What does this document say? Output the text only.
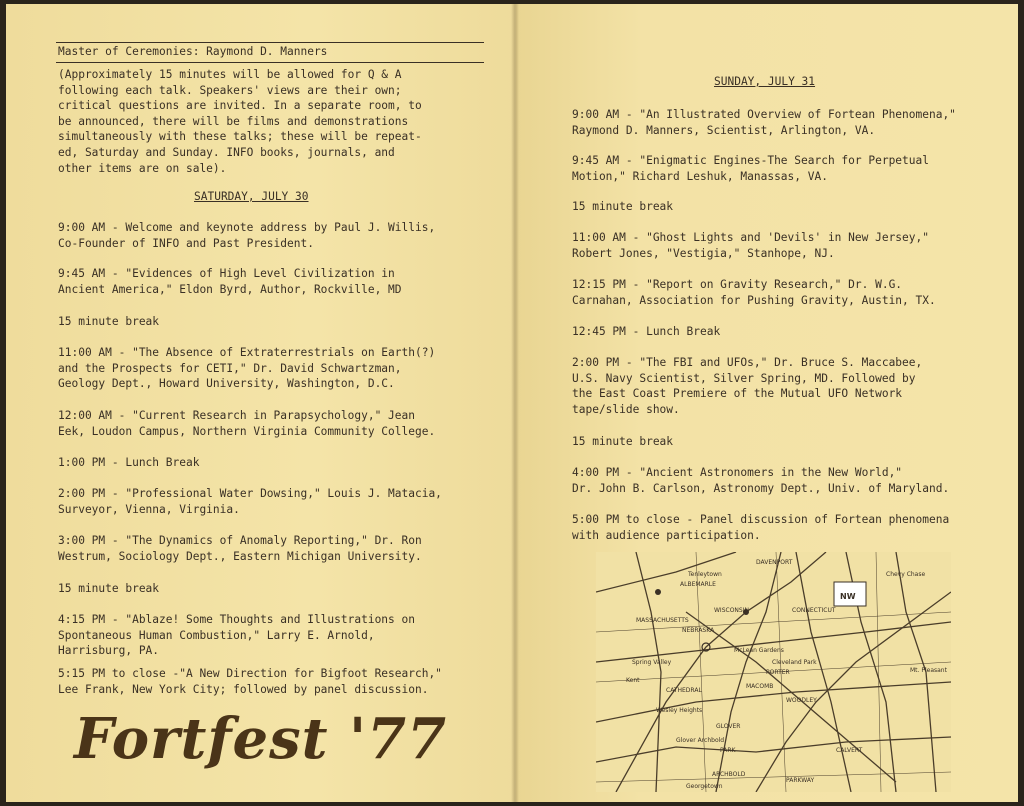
Master of Ceremonies: Raymond D. Manners

(Approximately 15 minutes will be allowed for Q & A
following each talk. Speakers' views are their own;
critical questions are invited. In a separate room, to
be announced, there will be films and demonstrations
simultaneously with these talks; these will be repeat-
ed, Saturday and Sunday. INFO books, journals, and
other items are on sale).

SATURDAY, JULY 30

9:00 AM - Welcome and keynote address by Paul J. Willis,
Co-Founder of INFO and Past President.

9:45 AM - "Evidences of High Level Civilization in
Ancient America," Eldon Byrd, Author, Rockville, MD

15 minute break

11:00 AM - "The Absence of Extraterrestrials on Earth(?)
and the Prospects for CETI," Dr. David Schwartzman,
Geology Dept., Howard University, Washington, D.C.

12:00 AM - "Current Research in Parapsychology," Jean
Eek, Loudon Campus, Northern Virginia Community College.

1:00 PM - Lunch Break

2:00 PM - "Professional Water Dowsing," Louis J. Matacia,
Surveyor, Vienna, Virginia.

3:00 PM - "The Dynamics of Anomaly Reporting," Dr. Ron
Westrum, Sociology Dept., Eastern Michigan University.

15 minute break

4:15 PM - "Ablaze! Some Thoughts and Illustrations on
Spontaneous Human Combustion," Larry E. Arnold,
Harrisburg, PA.

5:15 PM to close -"A New Direction for Bigfoot Research,"
Lee Frank, New York City; followed by panel discussion.

Fortfest '77

SUNDAY, JULY 31

9:00 AM - "An Illustrated Overview of Fortean Phenomena,"
Raymond D. Manners, Scientist, Arlington, VA.

9:45 AM - "Enigmatic Engines-The Search for Perpetual
Motion," Richard Leshuk, Manassas, VA.

15 minute break

11:00 AM - "Ghost Lights and 'Devils' in New Jersey,"
Robert Jones, "Vestigia," Stanhope, NJ.

12:15 PM - "Report on Gravity Research," Dr. W.G.
Carnahan, Association for Pushing Gravity, Austin, TX.

12:45 PM - Lunch Break

2:00 PM - "The FBI and UFOs," Dr. Bruce S. Maccabee,
U.S. Navy Scientist, Silver Spring, MD. Followed by
the East Coast Premiere of the Mutual UFO Network
tape/slide show.

15 minute break

4:00 PM - "Ancient Astronomers in the New World,"
Dr. John B. Carlson, Astronomy Dept., Univ. of Maryland.

5:00 PM to close - Panel discussion of Fortean phenomena
with audience participation.

Tenleytown
NW
Cleveland Park
McLean Gardens
Spring Valley
Wesley Heights
Kent
GLOVER
PARK
ARCHBOLD
PARKWAY
CATHEDRAL
PORTER
DAVENPORT
ALBEMARLE
MACOMB
WOODLEY
CALVERT
WISCONSIN
MASSACHUSETTS
NEBRASKA
CONNECTICUT
Mt. Pleasant
Chevy Chase
Glover Archbold
Georgetown
